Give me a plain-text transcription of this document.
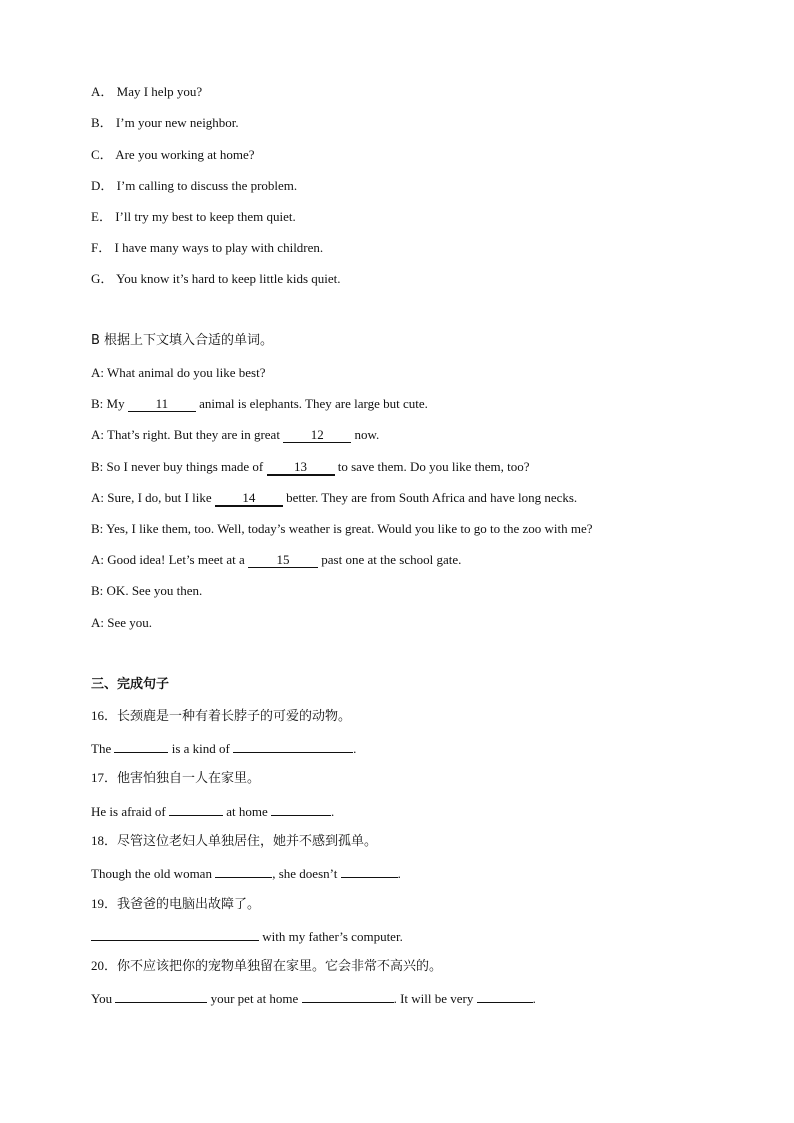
A． May I help you?
B． I’m your new neighbor.
C． Are you working at home?
D． I’m calling to discuss the problem.
E． I’ll try my best to keep them quiet.
F． I have many ways to play with children.
G． You know it’s hard to keep little kids quiet.
B 根据上下文填入合适的单词。
A: What animal do you like best?
B: My 11 animal is elephants. They are large but cute.
A: That’s right. But they are in great 12 now.
B: So I never buy things made of 13 to save them. Do you like them, too?
A: Sure, I do, but I like 14 better. They are from South Africa and have long necks.
B: Yes, I like them, too. Well, today’s weather is great. Would you like to go to the zoo with me?
A: Good idea! Let’s meet at a 15 past one at the school gate.
B: OK. See you then.
A: See you.
三、完成句子
16．长颈鹿是一种有着长脖子的可爱的动物。
The	is a kind of	.
17．他害怕独自一人在家里。
He is afraid of	at home	.
18．尽管这位老妇人单独居住，她并不感到孤单。
Though the old woman	, she doesn’t	.
19．我爸爸的电脑出故障了。
with my father’s computer.
20．你不应该把你的宠物单独留在家里。它会非常不高兴的。
You	your pet at home	. It will be very	.
